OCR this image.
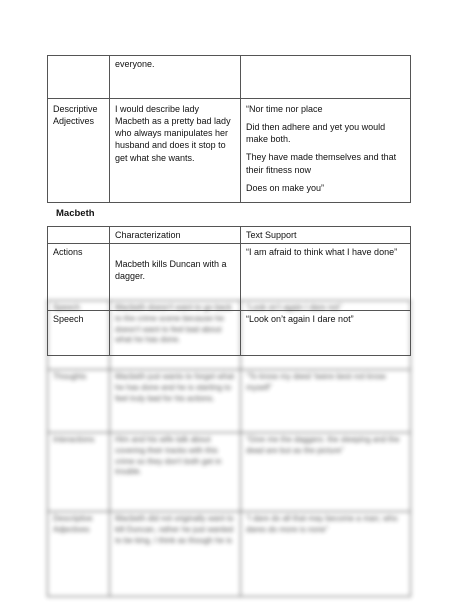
	everyone.	
Descriptive Adjectives	I would describe lady Macbeth as a pretty bad lady who always manipulates her husband and does it stop to get what she wants.	“Nor time nor place

Did then adhere and yet you would make both.

They have made themselves and that their fitness now

Does on make you”

Macbeth
	Characterization	Text Support
Actions	Macbeth kills Duncan with a dagger.	“I am afraid to think what I have done”
Speech		“Look on’t again I dare not”
Speech	Macbeth doesn't want to go back to the crime scene because he doesn't want to feel bad about what he has done.	“Look on’t again I dare not”
Thoughts	Macbeth just wants to forget what he has done and he is starting to feel truly bad for his actions.	“To know my deed 'twere best not know myself”
Interactions	Him and his wife talk about covering their tracks with this crime so they don't both get in trouble.	“Give me the daggers: the sleeping and the dead are but as the picture”
Descriptive Adjectives	Macbeth did not originally want to kill Duncan, rather he just wanted to be king, I think as though he is	“I dare do all that may become a man; who dares do more is none”
